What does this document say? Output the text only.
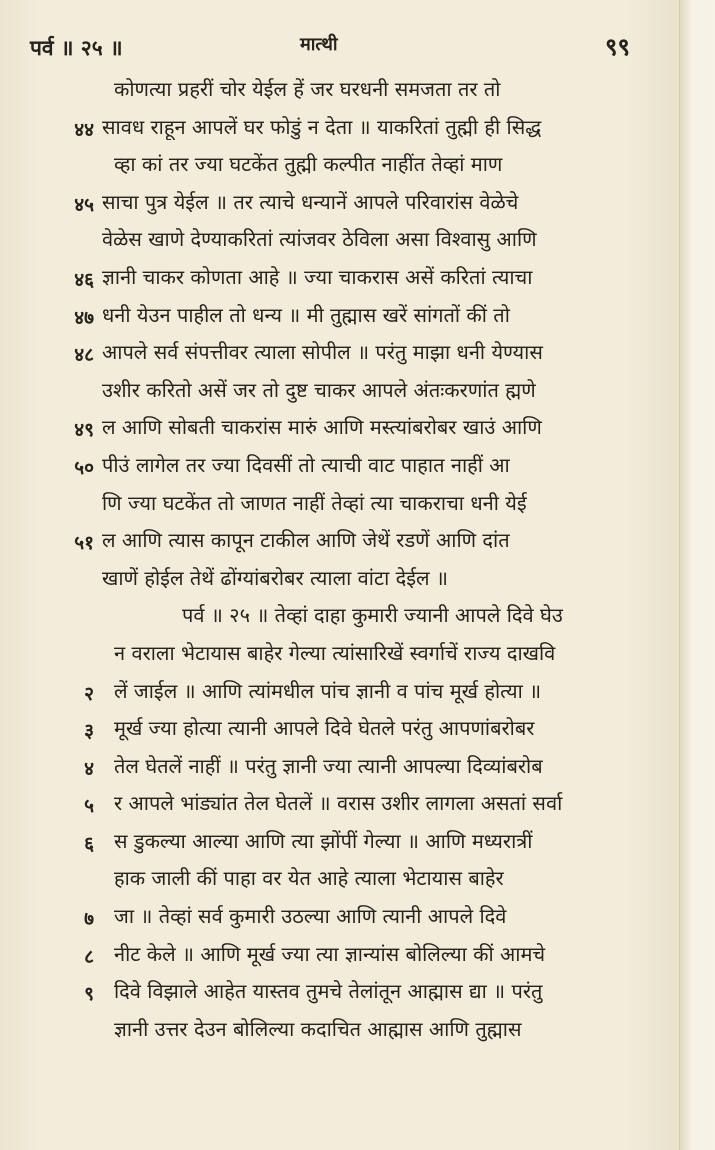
पर्व ॥ २५ ॥	मात्थी	९९
कोणत्या प्रहरीं चोर येईल हें जर घरधनी समजता तर तो
४४ सावध राहून आपलें घर फोडुं न देता ॥ याकरितां तुह्मी ही सिद्ध
व्हा कां तर ज्या घटकेंत तुह्मी कल्पीत नाहींत तेव्हां माण
४५ साचा पुत्र येईल ॥ तर त्याचे धन्यानें आपले परिवारांस वेळेचे
वेळेस खाणे देण्याकरितां त्यांजवर ठेविला असा विश्वासु आणि
४६ ज्ञानी चाकर कोणता आहे ॥ ज्या चाकरास असें करितां त्याचा
४७ धनी येउन पाहील तो धन्य ॥ मी तुह्मास खरें सांगतों कीं तो
४८ आपले सर्व संपत्तीवर त्याला सोपील ॥ परंतु माझा धनी येण्यास
उशीर करितो असें जर तो दुष्ट चाकर आपले अंतःकरणांत ह्मणे
४९ ल आणि सोबती चाकरांस मारुं आणि मस्त्यांबरोबर खाउं आणि
५० पीउं लागेल तर ज्या दिवसीं तो त्याची वाट पाहात नाहीं आ
णि ज्या घटकेंत तो जाणत नाहीं तेव्हां त्या चाकराचा धनी येई
५१ ल आणि त्यास कापून टाकील आणि जेथें रडणें आणि दांत
खाणें होईल तेथें ढोंग्यांबरोबर त्याला वांटा देईल ॥
पर्व ॥ २५ ॥ तेव्हां दाहा कुमारी ज्यानी आपले दिवे घेउ
न वराला भेटायास बाहेर गेल्या त्यांसारिखें स्वर्गाचें राज्य दाखवि
२ लें जाईल ॥ आणि त्यांमधील पांच ज्ञानी व पांच मूर्ख होत्या ॥
३ मूर्ख ज्या होत्या त्यानी आपले दिवे घेतले परंतु आपणांबरोबर
४ तेल घेतलें नाहीं ॥ परंतु ज्ञानी ज्या त्यानी आपल्या दिव्यांबरोब
५ र आपले भांड्यांत तेल घेतलें ॥ वरास उशीर लागला असतां सर्वा
६ स डुकल्या आल्या आणि त्या झोंपीं गेल्या ॥ आणि मध्यरात्रीं
हाक जाली कीं पाहा वर येत आहे त्याला भेटायास बाहेर
७ जा ॥ तेव्हां सर्व कुमारी उठल्या आणि त्यानी आपले दिवे
८ नीट केले ॥ आणि मूर्ख ज्या त्या ज्ञान्यांस बोलिल्या कीं आमचे
९ दिवे विझाले आहेत यास्तव तुमचे तेलांतून आह्मास द्या ॥ परंतु
ज्ञानी उत्तर देउन बोलिल्या कदाचित आह्मास आणि तुह्मास
